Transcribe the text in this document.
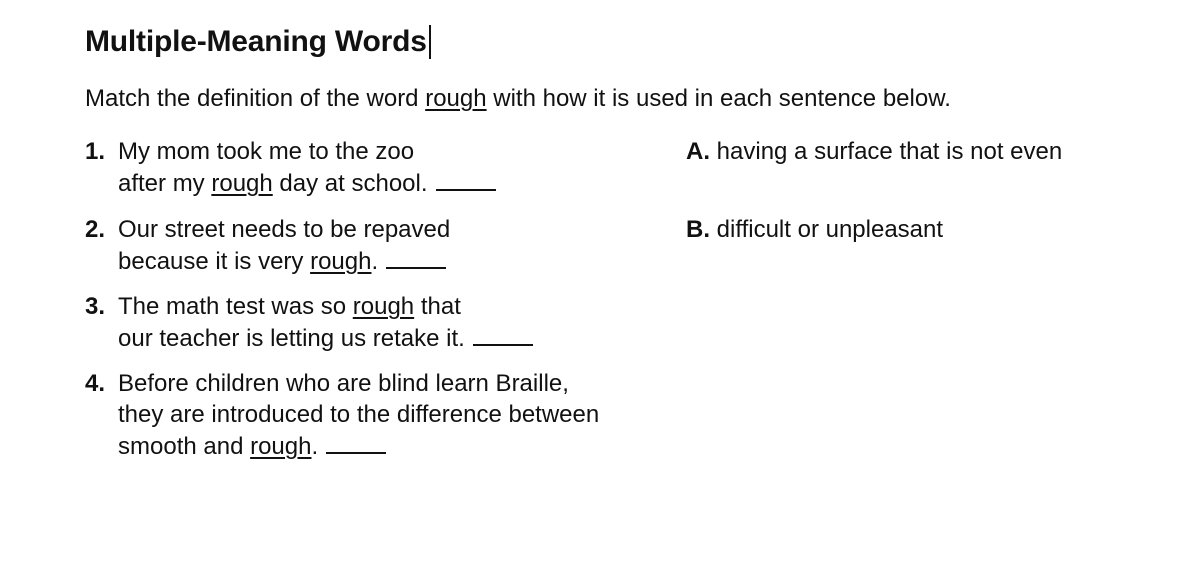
Multiple-Meaning Words
Match the definition of the word rough with how it is used in each sentence below.
1. My mom took me to the zoo
after my rough day at school.
2. Our street needs to be repaved
because it is very rough.
3. The math test was so rough that
our teacher is letting us retake it.
4. Before children who are blind learn Braille,
they are introduced to the difference between
smooth and rough.
A. having a surface that is not even
B. difficult or unpleasant
